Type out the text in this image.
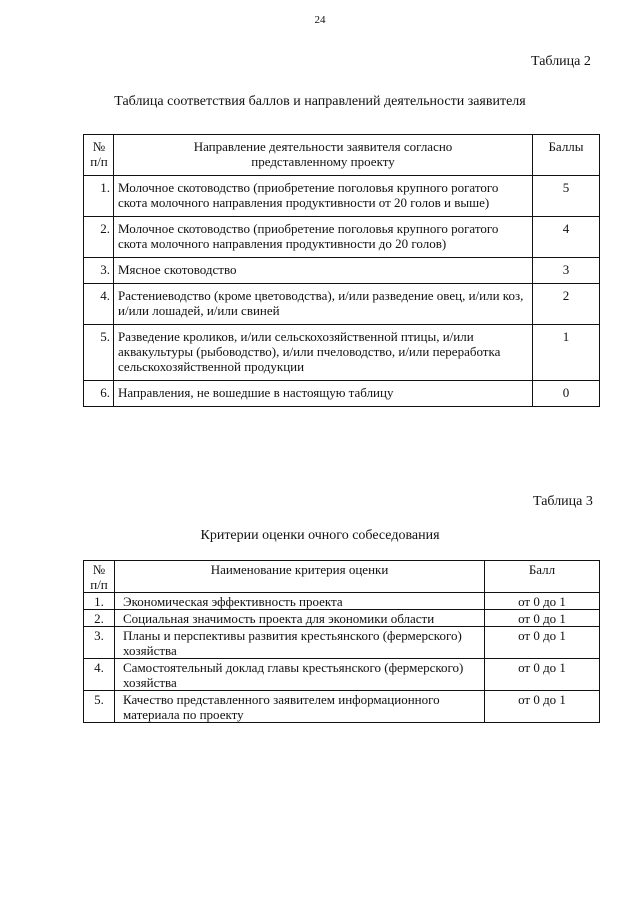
24
Таблица 2
Таблица соответствия баллов и направлений деятельности заявителя
№ п/п	Направление деятельности заявителя согласно представленному проекту	Баллы
1.	Молочное скотоводство (приобретение поголовья крупного рогатого скота молочного направления продуктивности от 20 голов и выше)	5
2.	Молочное скотоводство (приобретение поголовья крупного рогатого скота молочного направления продуктивности до 20 голов)	4
3.	Мясное скотоводство	3
4.	Растениеводство (кроме цветоводства), и/или разведение овец, и/или коз, и/или лошадей, и/или свиней	2
5.	Разведение кроликов, и/или сельскохозяйственной птицы, и/или аквакультуры (рыбоводство), и/или пчеловодство, и/или переработка сельскохозяйственной продукции	1
6.	Направления, не вошедшие в настоящую таблицу	0
Таблица 3
Критерии оценки очного собеседования
№ п/п	Наименование критерия оценки	Балл
1.	Экономическая эффективность проекта	от 0 до 1
2.	Социальная значимость проекта для экономики области	от 0 до 1
3.	Планы и перспективы развития крестьянского (фермерского) хозяйства	от 0 до 1
4.	Самостоятельный доклад главы крестьянского (фермерского) хозяйства	от 0 до 1
5.	Качество представленного заявителем информационного материала по проекту	от 0 до 1
